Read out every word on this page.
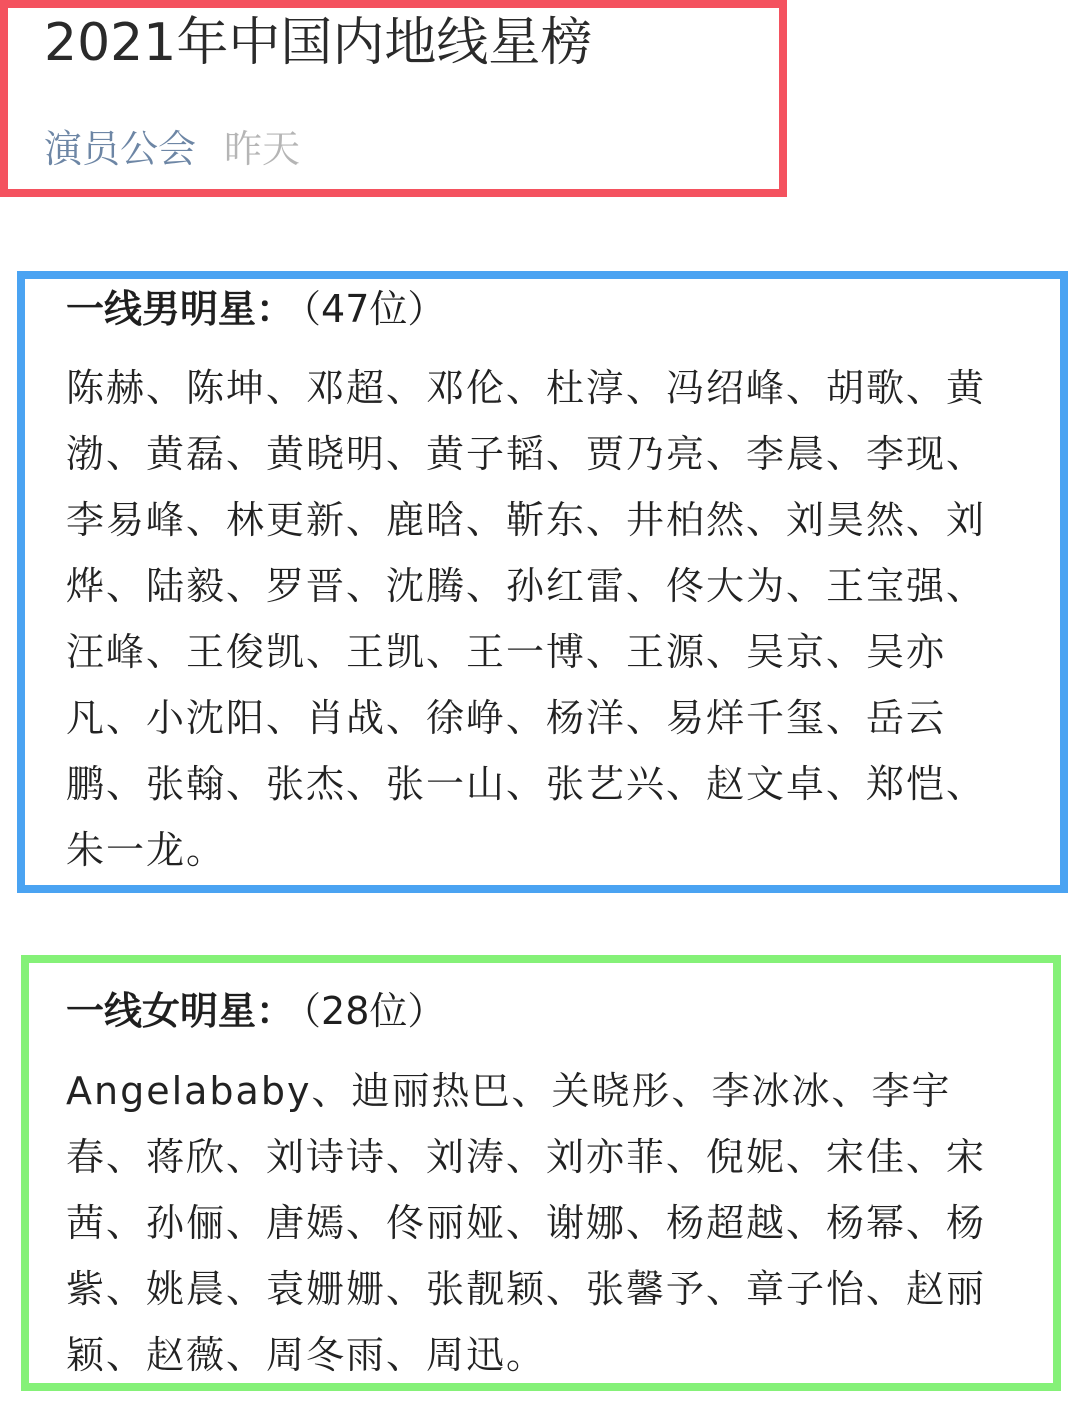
2021年中国内地线星榜
演员公会 昨天
一线男明星： （47位）
陈赫、陈坤、邓超、邓伦、杜淳、冯绍峰、胡歌、黄渤、黄磊、黄晓明、黄子韬、贾乃亮、李晨、李现、李易峰、林更新、鹿晗、靳东、井柏然、刘昊然、刘烨、陆毅、罗晋、沈腾、孙红雷、佟大为、王宝强、汪峰、王俊凯、王凯、王一博、王源、吴京、吴亦凡、小沈阳、肖战、徐峥、杨洋、易烊千玺、岳云鹏、张翰、张杰、张一山、张艺兴、赵文卓、郑恺、朱一龙。
一线女明星： （28位）
Angelababy、迪丽热巴、关晓彤、李冰冰、李宇春、蒋欣、刘诗诗、刘涛、刘亦菲、倪妮、宋佳、宋茜、孙俪、唐嫣、佟丽娅、谢娜、杨超越、杨幂、杨紫、姚晨、袁姗姗、张靓颖、张馨予、章子怡、赵丽颖、赵薇、周冬雨、周迅。
